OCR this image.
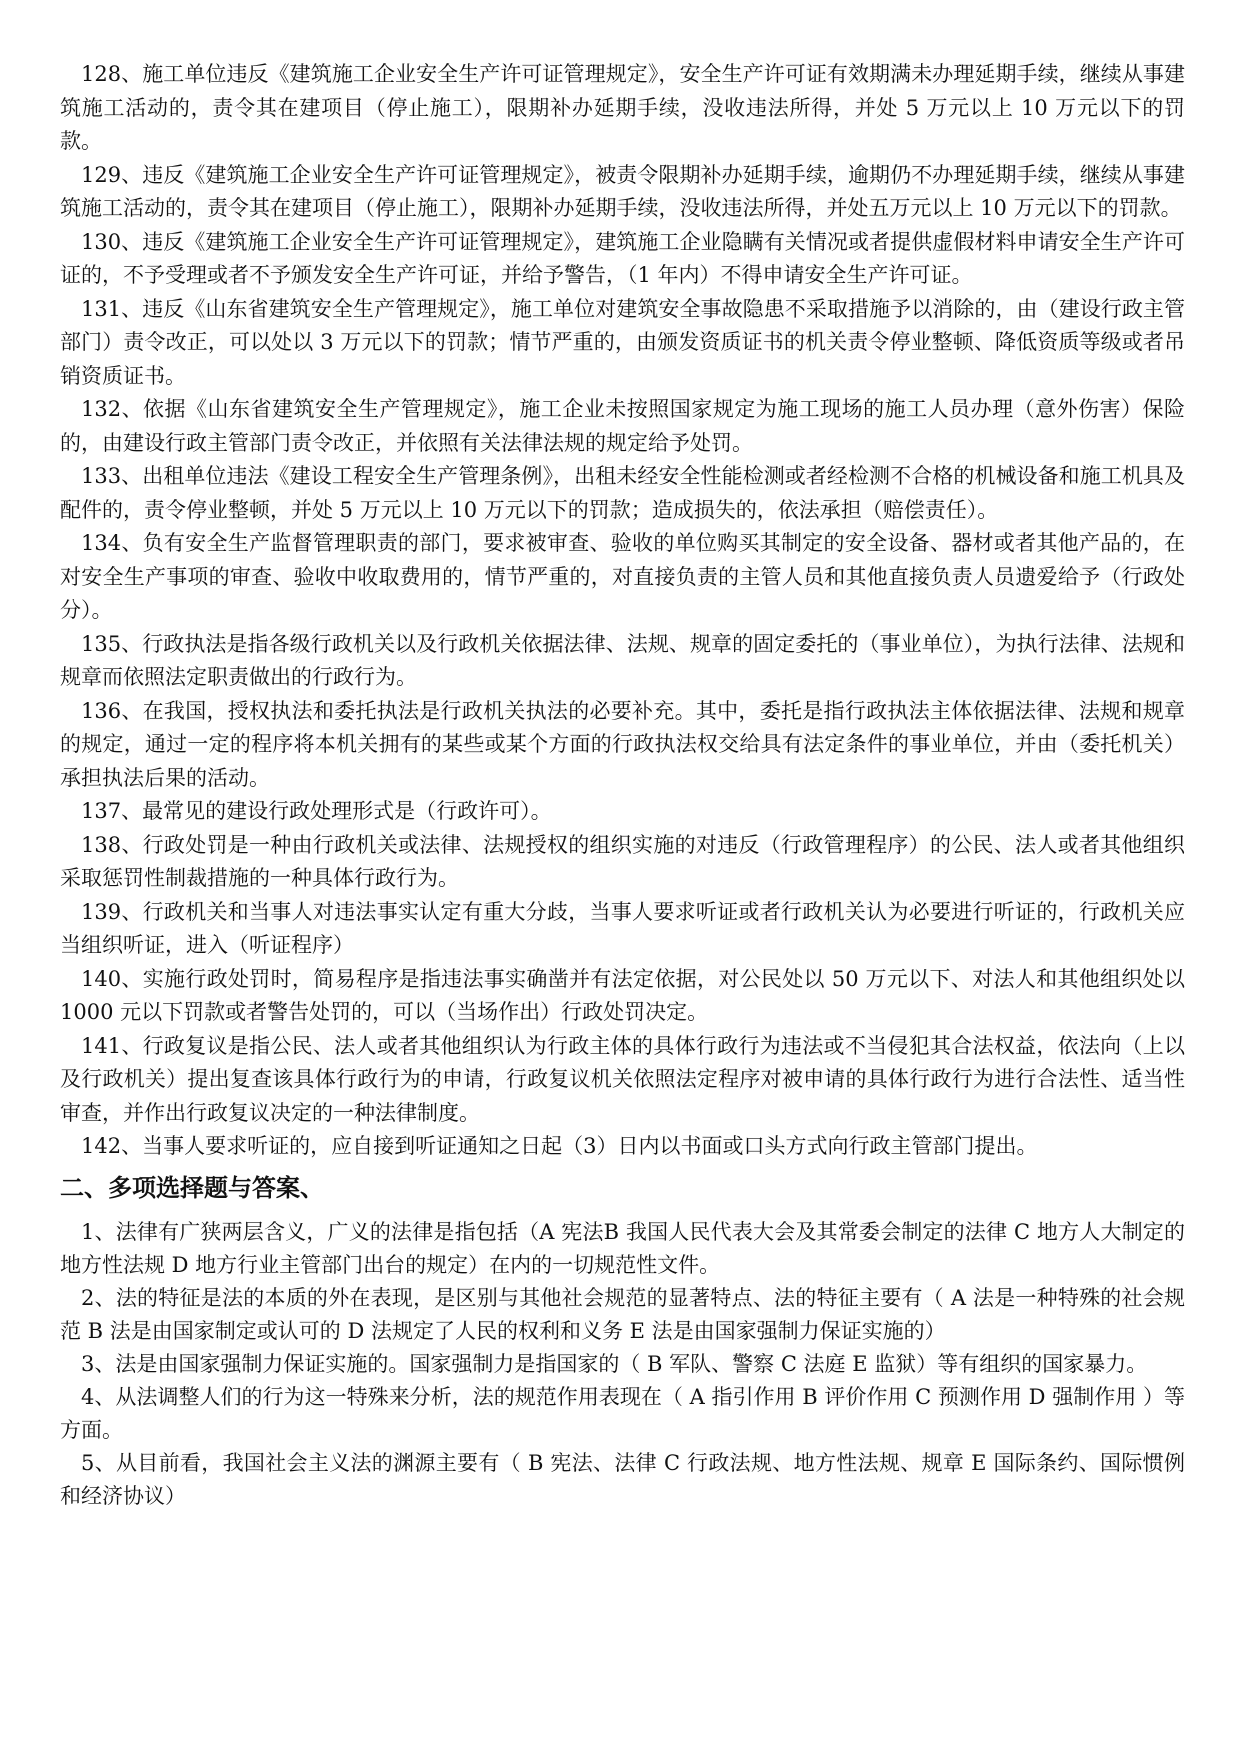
128、施工单位违反《建筑施工企业安全生产许可证管理规定》，安全生产许可证有效期满未办理延期手续，继续从事建筑施工活动的，责令其在建项目（停止施工），限期补办延期手续，没收违法所得，并处 5 万元以上 10 万元以下的罚款。

129、违反《建筑施工企业安全生产许可证管理规定》，被责令限期补办延期手续，逾期仍不办理延期手续，继续从事建筑施工活动的，责令其在建项目（停止施工），限期补办延期手续，没收违法所得，并处五万元以上 10 万元以下的罚款。

130、违反《建筑施工企业安全生产许可证管理规定》，建筑施工企业隐瞒有关情况或者提供虚假材料申请安全生产许可证的，不予受理或者不予颁发安全生产许可证，并给予警告，（1 年内）不得申请安全生产许可证。

131、违反《山东省建筑安全生产管理规定》，施工单位对建筑安全事故隐患不采取措施予以消除的，由（建设行政主管部门）责令改正，可以处以 3 万元以下的罚款；情节严重的，由颁发资质证书的机关责令停业整顿、降低资质等级或者吊销资质证书。

132、依据《山东省建筑安全生产管理规定》，施工企业未按照国家规定为施工现场的施工人员办理（意外伤害）保险的，由建设行政主管部门责令改正，并依照有关法律法规的规定给予处罚。

133、出租单位违法《建设工程安全生产管理条例》，出租未经安全性能检测或者经检测不合格的机械设备和施工机具及配件的，责令停业整顿，并处 5 万元以上 10 万元以下的罚款；造成损失的，依法承担（赔偿责任）。

134、负有安全生产监督管理职责的部门，要求被审查、验收的单位购买其制定的安全设备、器材或者其他产品的，在对安全生产事项的审查、验收中收取费用的，情节严重的，对直接负责的主管人员和其他直接负责人员遗爱给予（行政处分）。

135、行政执法是指各级行政机关以及行政机关依据法律、法规、规章的固定委托的（事业单位），为执行法律、法规和规章而依照法定职责做出的行政行为。

136、在我国，授权执法和委托执法是行政机关执法的必要补充。其中，委托是指行政执法主体依据法律、法规和规章的规定，通过一定的程序将本机关拥有的某些或某个方面的行政执法权交给具有法定条件的事业单位，并由（委托机关）承担执法后果的活动。

137、最常见的建设行政处理形式是（行政许可）。

138、行政处罚是一种由行政机关或法律、法规授权的组织实施的对违反（行政管理程序）的公民、法人或者其他组织采取惩罚性制裁措施的一种具体行政行为。

139、行政机关和当事人对违法事实认定有重大分歧，当事人要求听证或者行政机关认为必要进行听证的，行政机关应当组织听证，进入（听证程序）

140、实施行政处罚时，简易程序是指违法事实确凿并有法定依据，对公民处以 50 万元以下、对法人和其他组织处以 1000 元以下罚款或者警告处罚的，可以（当场作出）行政处罚决定。

141、行政复议是指公民、法人或者其他组织认为行政主体的具体行政行为违法或不当侵犯其合法权益，依法向（上以及行政机关）提出复查该具体行政行为的申请，行政复议机关依照法定程序对被申请的具体行政行为进行合法性、适当性审查，并作出行政复议决定的一种法律制度。

142、当事人要求听证的，应自接到听证通知之日起（3）日内以书面或口头方式向行政主管部门提出。

二、多项选择题与答案、

1、法律有广狭两层含义，广义的法律是指包括（A 宪法B 我国人民代表大会及其常委会制定的法律 C 地方人大制定的地方性法规 D 地方行业主管部门出台的规定）在内的一切规范性文件。

2、法的特征是法的本质的外在表现，是区别与其他社会规范的显著特点、法的特征主要有（ A 法是一种特殊的社会规范 B 法是由国家制定或认可的 D 法规定了人民的权利和义务 E 法是由国家强制力保证实施的）

3、法是由国家强制力保证实施的。国家强制力是指国家的（ B 军队、警察 C 法庭 E 监狱）等有组织的国家暴力。

4、从法调整人们的行为这一特殊来分析，法的规范作用表现在（ A 指引作用 B 评价作用 C 预测作用 D 强制作用 ）等方面。

5、从目前看，我国社会主义法的渊源主要有（ B 宪法、法律 C 行政法规、地方性法规、规章 E 国际条约、国际惯例和经济协议）
